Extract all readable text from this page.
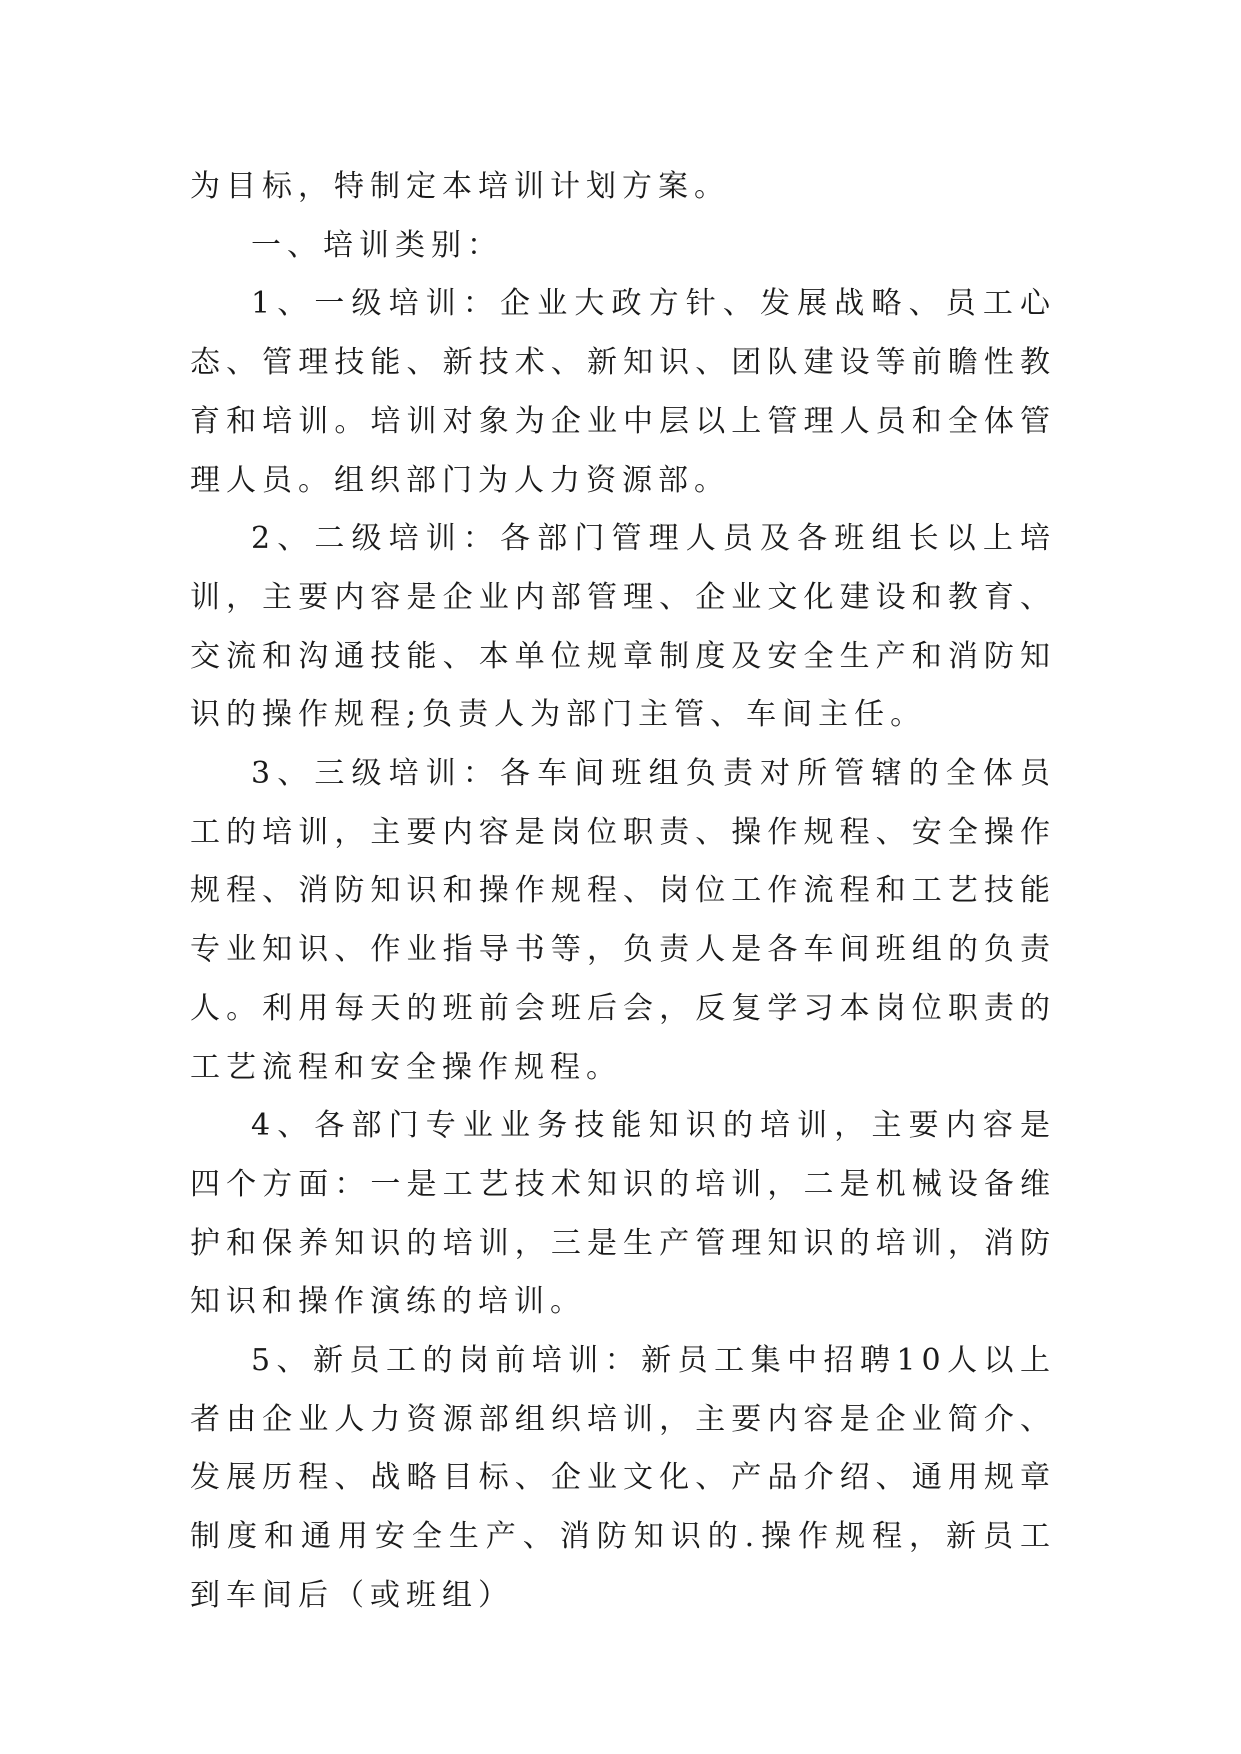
为目标，特制定本培训计划方案。

一、培训类别：

1、一级培训：企业大政方针、发展战略、员工心态、管理技能、新技术、新知识、团队建设等前瞻性教育和培训。培训对象为企业中层以上管理人员和全体管理人员。组织部门为人力资源部。

2、二级培训：各部门管理人员及各班组长以上培训，主要内容是企业内部管理、企业文化建设和教育、交流和沟通技能、本单位规章制度及安全生产和消防知识的操作规程;负责人为部门主管、车间主任。

3、三级培训：各车间班组负责对所管辖的全体员工的培训，主要内容是岗位职责、操作规程、安全操作规程、消防知识和操作规程、岗位工作流程和工艺技能专业知识、作业指导书等，负责人是各车间班组的负责人。利用每天的班前会班后会，反复学习本岗位职责的工艺流程和安全操作规程。

4、各部门专业业务技能知识的培训，主要内容是四个方面：一是工艺技术知识的培训，二是机械设备维护和保养知识的培训，三是生产管理知识的培训，消防知识和操作演练的培训。

5、新员工的岗前培训：新员工集中招聘10人以上者由企业人力资源部组织培训，主要内容是企业简介、发展历程、战略目标、企业文化、产品介绍、通用规章制度和通用安全生产、消防知识的.操作规程，新员工到车间后（或班组）
